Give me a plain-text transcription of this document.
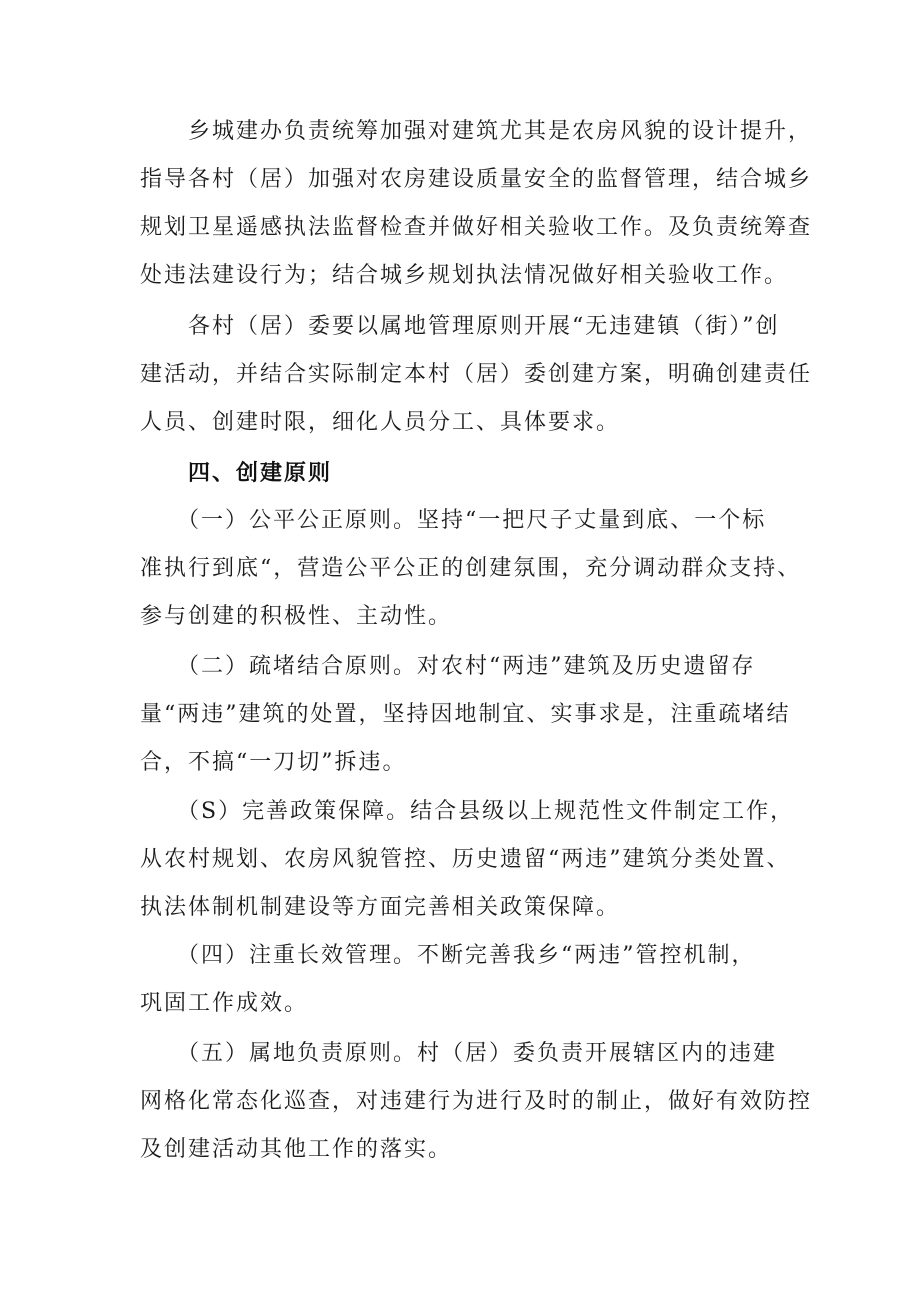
　　乡城建办负责统筹加强对建筑尤其是农房风貌的设计提升，
指导各村（居）加强对农房建设质量安全的监督管理，结合城乡
规划卫星遥感执法监督检查并做好相关验收工作。及负责统筹查
处违法建设行为；结合城乡规划执法情况做好相关验收工作。
　　各村（居）委要以属地管理原则开展“无违建镇（街）”创
建活动，并结合实际制定本村（居）委创建方案，明确创建责任
人员、创建时限，细化人员分工、具体要求。
四、创建原则
　　（一）公平公正原则。坚持“一把尺子丈量到底、一个标
准执行到底“，营造公平公正的创建氛围，充分调动群众支持、
参与创建的积极性、主动性。
　　（二）疏堵结合原则。对农村“两违”建筑及历史遗留存
量“两违”建筑的处置，坚持因地制宜、实事求是，注重疏堵结
合，不搞“一刀切”拆违。
　　（S）完善政策保障。结合县级以上规范性文件制定工作，
从农村规划、农房风貌管控、历史遗留“两违”建筑分类处置、
执法体制机制建设等方面完善相关政策保障。
　　（四）注重长效管理。不断完善我乡“两违”管控机制，
巩固工作成效。
　　（五）属地负责原则。村（居）委负责开展辖区内的违建
网格化常态化巡查，对违建行为进行及时的制止，做好有效防控
及创建活动其他工作的落实。
